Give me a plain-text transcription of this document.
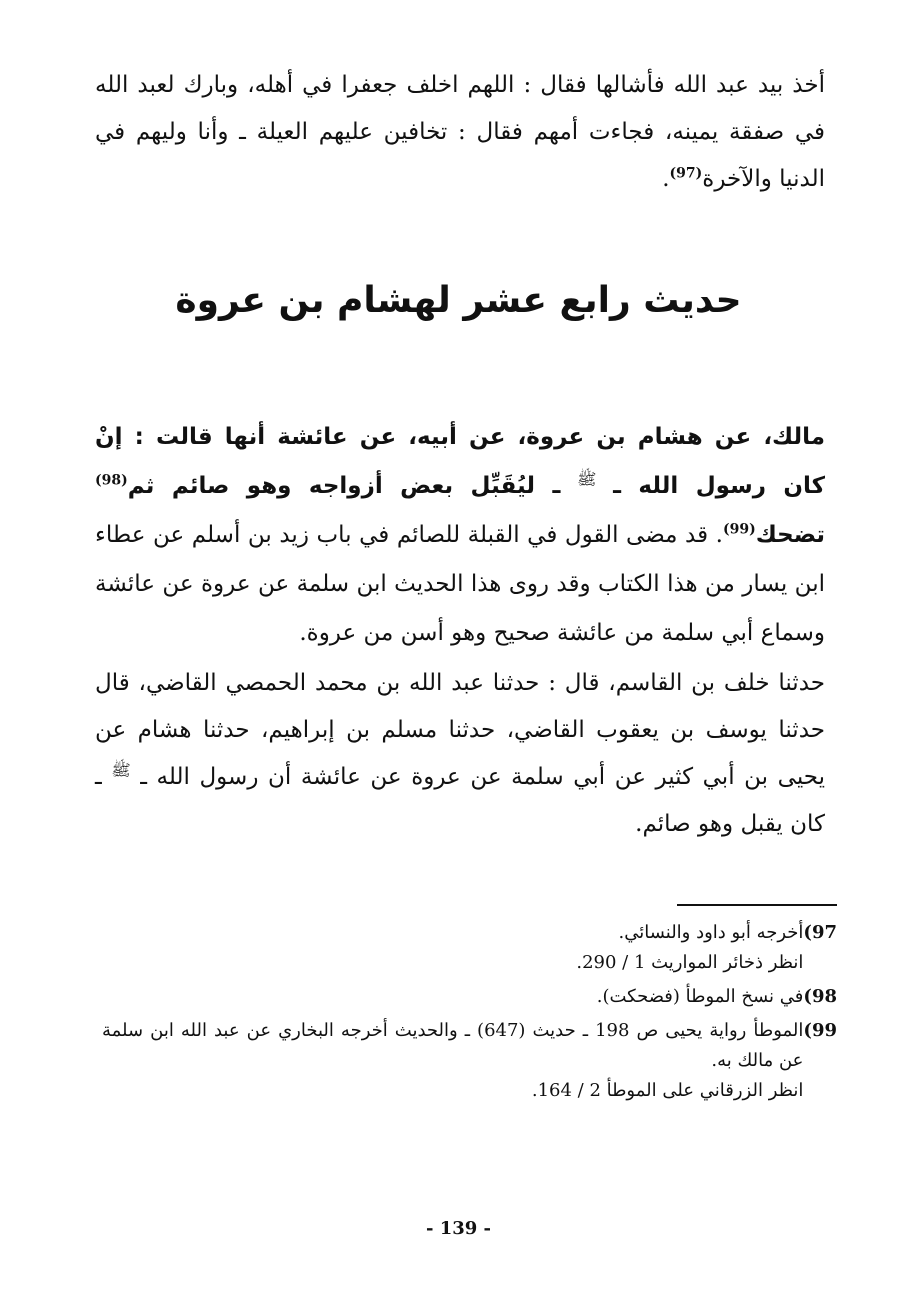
أخذ بيد عبد الله فأشالها فقال : اللهم اخلف جعفرا في أهله، وبارك لعبد الله في صفقة يمينه، فجاءت أمهم فقال : تخافين عليهم العيلة ـ وأنا وليهم في الدنيا والآخرة$^{(97)}$.

حديث رابع عشر لهشام بن عروة

مالك، عن هشام بن عروة، عن أبيه، عن عائشة أنها قالت : إنْ كان رسول الله ـ $^ﷺ$ ـ ليُقَبِّل بعض أزواجه وهو صائم ثم$^{(98)}$ تضحك$^{(99)}$. قد مضى القول في القبلة للصائم في باب زيد بن أسلم عن عطاء ابن يسار من هذا الكتاب وقد روى هذا الحديث ابن سلمة عن عروة عن عائشة وسماع أبي سلمة من عائشة صحيح وهو أسن من عروة.

حدثنا خلف بن القاسم، قال : حدثنا عبد الله بن محمد الحمصي القاضي، قال حدثنا يوسف بن يعقوب القاضي، حدثنا مسلم بن إبراهيم، حدثنا هشام عن يحيى بن أبي كثير عن أبي سلمة عن عروة عن عائشة أن رسول الله ـ $^ﷺ$ ـ كان يقبل وهو صائم.

97)
أخرجه أبو داود والنسائي.
انظر ذخائر المواريث 1 / 290.
98)
في نسخ الموطأ (فضحكت).
99)
الموطأ رواية يحيى ص 198 ـ حديث (647) ـ والحديث أخرجه البخاري عن عبد الله ابن سلمة عن مالك به.
انظر الزرقاني على الموطأ 2 / 164.
- 139 -
